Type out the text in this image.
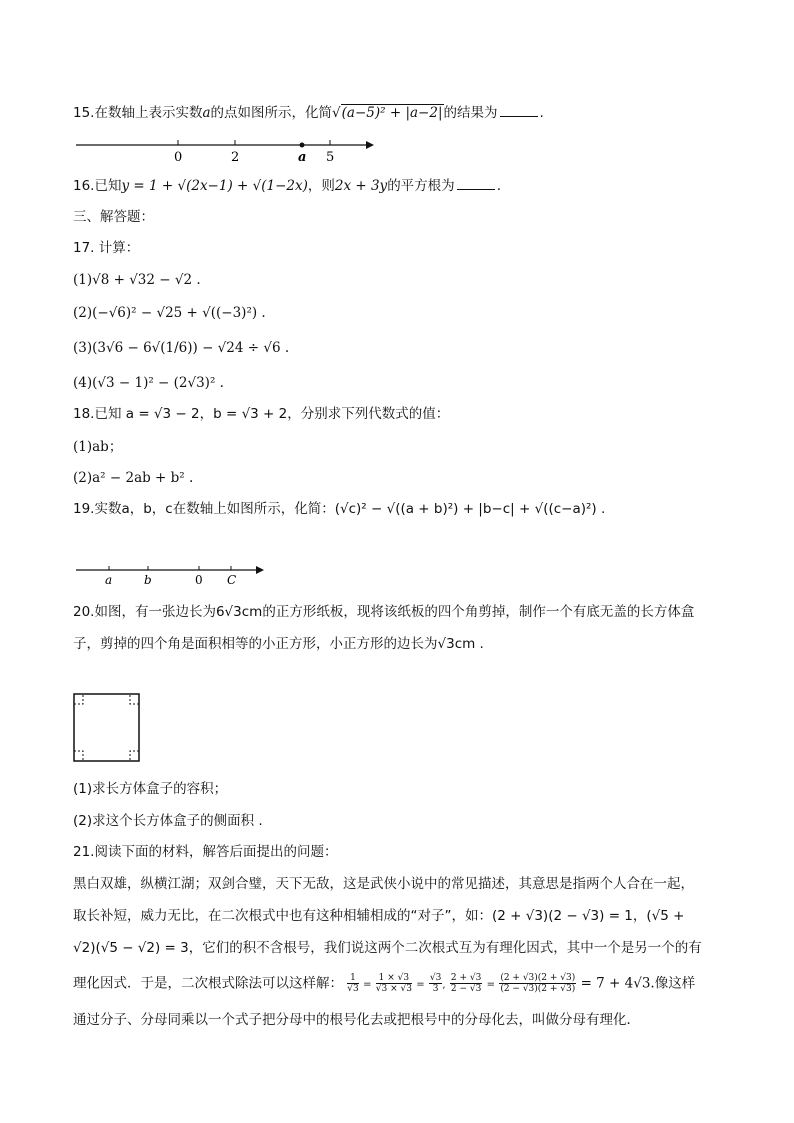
15.在数轴上表示实数a的点如图所示，化简√(a−5)² + |a−2|的结果为	.
0	2	a 5
16.已知y = 1 + √(2x−1) + √(1−2x)，则2x + 3y的平方根为	.
三、解答题：
17. 计算：
(1)√8 + √32 − √2 .
(2)(−√6)² − √25 + √((−3)²) .
(3)(3√6 − 6√(1/6)) − √24 ÷ √6 .
(4)(√3 − 1)² − (2√3)² .
18.已知 a = √3 − 2，b = √3 + 2，分别求下列代数式的值：
(1)ab；
(2)a² − 2ab + b² .
19.实数a，b，c在数轴上如图所示，化简：(√c)² − √((a + b)²) + |b−c| + √((c−a)²) .
a	b	0 C
20.如图，有一张边长为6√3cm的正方形纸板，现将该纸板的四个角剪掉，制作一个有底无盖的长方体盒
子，剪掉的四个角是面积相等的小正方形，小正方形的边长为√3cm .
(1)求长方体盒子的容积；
(2)求这个长方体盒子的侧面积 .
21.阅读下面的材料，解答后面提出的问题：
黑白双雄，纵横江湖；双剑合璧，天下无敌，这是武侠小说中的常见描述，其意思是指两个人合在一起，
取长补短，威力无比，在二次根式中也有这种相辅相成的“对子”，如：(2 + √3)(2 − √3) = 1，(√5 +
√2)(√5 − √2) = 3，它们的积不含根号，我们说这两个二次根式互为有理化因式，其中一个是另一个的有
理化因式．于是，二次根式除法可以这样解： $\frac{1}{√3} = \frac{1 \times √3}{√3 \times √3} = \frac{√3}{3}$ , $\frac{2 + √3}{2 - √3} = \frac{(2 + √3)(2 + √3)}{(2 - √3)(2 + √3)} = 7 + 4√3$.像这样
通过分子、分母同乘以一个式子把分母中的根号化去或把根号中的分母化去，叫做分母有理化．
